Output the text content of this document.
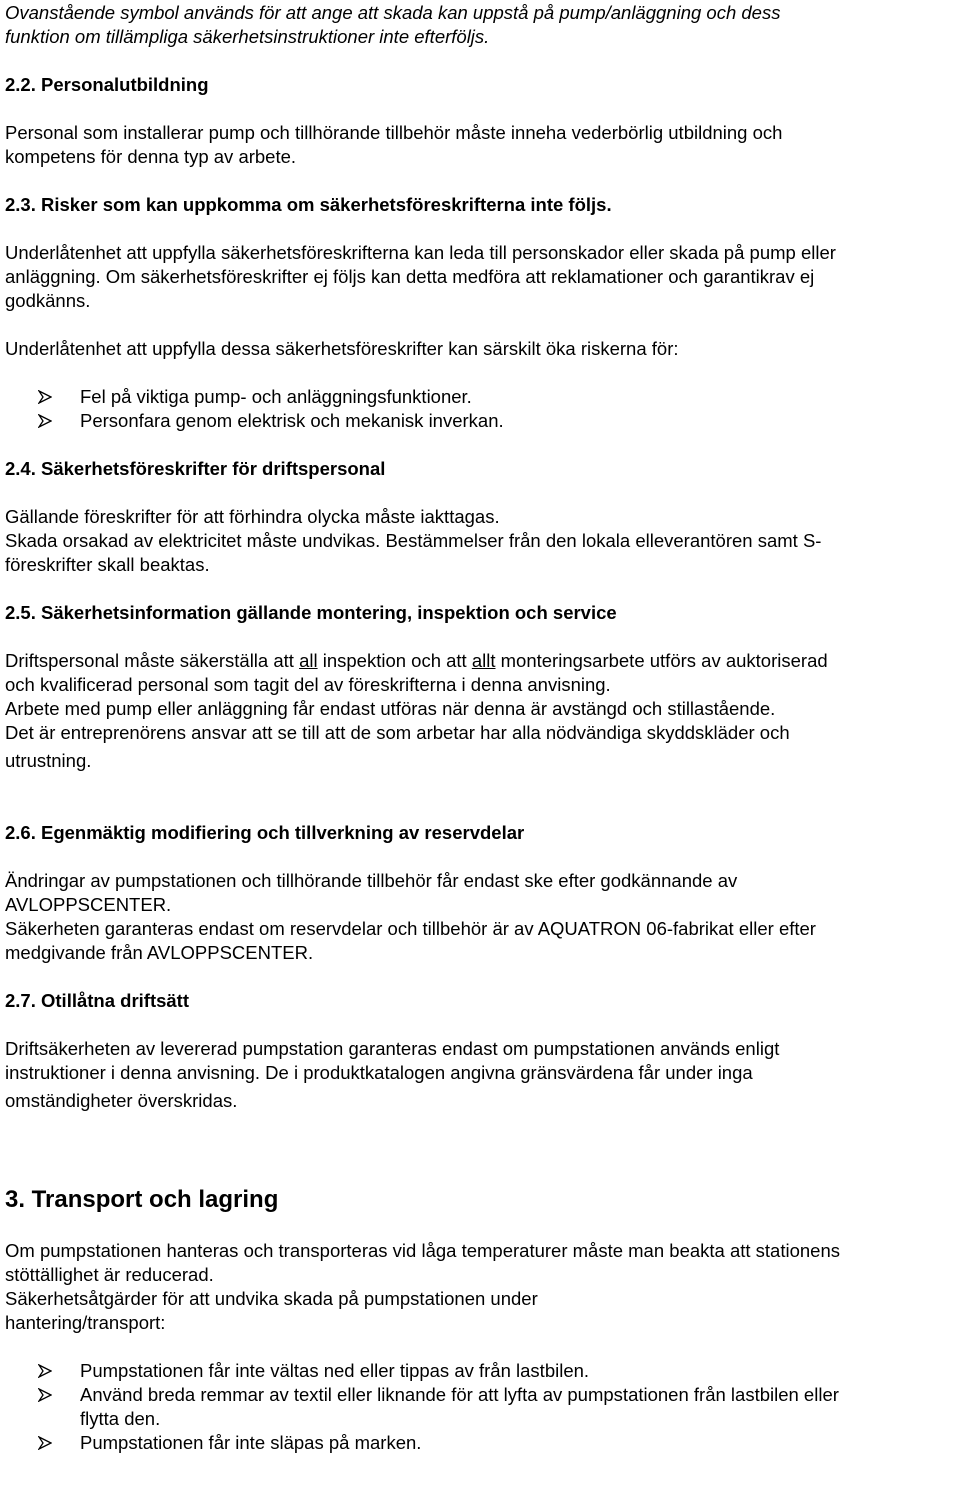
Ovanstående symbol används för att ange att skada kan uppstå på pump/anläggning och dess

funktion om tillämpliga säkerhetsinstruktioner inte efterföljs.

2.2. Personalutbildning

Personal som installerar pump och tillhörande tillbehör måste inneha vederbörlig utbildning och

kompetens för denna typ av arbete.

2.3. Risker som kan uppkomma om säkerhetsföreskrifterna inte följs.

Underlåtenhet att uppfylla säkerhetsföreskrifterna kan leda till personskador eller skada på pump eller

anläggning. Om säkerhetsföreskrifter ej följs kan detta medföra att reklamationer och garantikrav ej

godkänns.

Underlåtenhet att uppfylla dessa säkerhetsföreskrifter kan särskilt öka riskerna för:

Fel på viktiga pump- och anläggningsfunktioner.
Personfara genom elektrisk och mekanisk inverkan.

2.4. Säkerhetsföreskrifter för driftspersonal

Gällande föreskrifter för att förhindra olycka måste iakttagas.

Skada orsakad av elektricitet måste undvikas. Bestämmelser från den lokala elleverantören samt S-

föreskrifter skall beaktas.

2.5. Säkerhetsinformation gällande montering, inspektion och service

Driftspersonal måste säkerställa att all inspektion och att allt monteringsarbete utförs av auktoriserad

och kvalificerad personal som tagit del av föreskrifterna i denna anvisning.

Arbete med pump eller anläggning får endast utföras när denna är avstängd och stillastående.

Det är entreprenörens ansvar att se till att de som arbetar har alla nödvändiga skyddskläder och

utrustning.

2.6. Egenmäktig modifiering och tillverkning av reservdelar

Ändringar av pumpstationen och tillhörande tillbehör får endast ske efter godkännande av

AVLOPPSCENTER.

Säkerheten garanteras endast om reservdelar och tillbehör är av AQUATRON 06-fabrikat eller efter

medgivande från AVLOPPSCENTER.

2.7. Otillåtna driftsätt

Driftsäkerheten av levererad pumpstation garanteras endast om pumpstationen används enligt

instruktioner i denna anvisning. De i produktkatalogen angivna gränsvärdena får under inga

omständigheter överskridas.

3. Transport och lagring

Om pumpstationen hanteras och transporteras vid låga temperaturer måste man beakta att stationens

stöttällighet är reducerad.

Säkerhetsåtgärder för att undvika skada på pumpstationen under

hantering/transport:

Pumpstationen får inte vältas ned eller tippas av från lastbilen.
Använd breda remmar av textil eller liknande för att lyfta av pumpstationen från lastbilen eller
flytta den.
Pumpstationen får inte släpas på marken.
